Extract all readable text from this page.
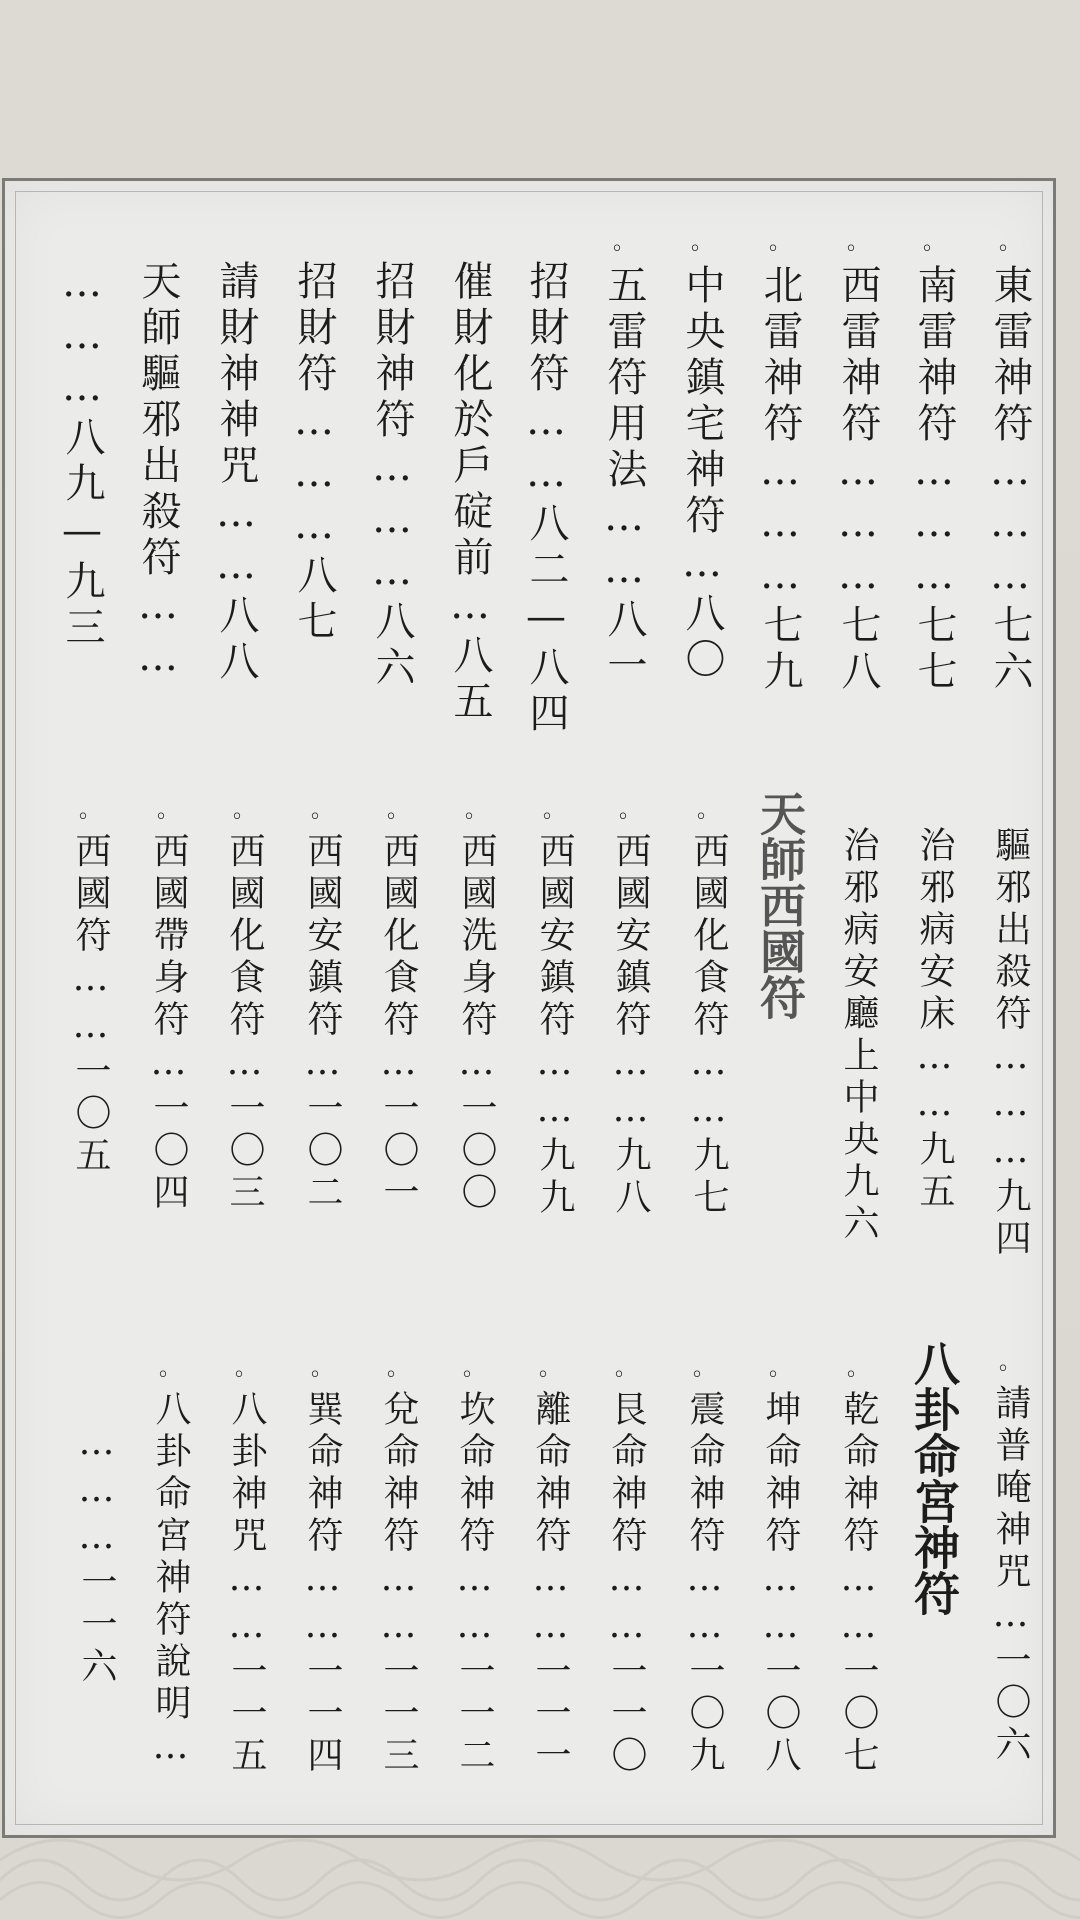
。
東雷神符………七六
。
南雷神符………七七
。
西雷神符………七八
。
北雷神符………七九
。
中央鎮宅神符…八〇
。
五雷符用法……八一
招財符……八二—八四
催財化於戶碇前…八五
招財神符………八六
招財符………八七
請財神神咒……八八
天師驅邪出殺符……
………八九—九三
驅邪出殺符………九四
治邪病安床……九五
治邪病安廳上中央九六
天師西國符
。
西國化食符……九七
。
西國安鎮符……九八
。
西國安鎮符……九九
。
西國洗身符…一〇〇
。
西國化食符…一〇一
。
西國安鎮符…一〇二
。
西國化食符…一〇三
。
西國帶身符…一〇四
。
西國符……一〇五
。
請普唵神咒…一〇六
八卦命宮神符
。
乾命神符……一〇七
。
坤命神符……一〇八
。
震命神符……一〇九
。
艮命神符……一一〇
。
離命神符……一一一
。
坎命神符……一一二
。
兌命神符……一一三
。
巽命神符……一一四
。
八卦神咒……一一五
。
八卦命宮神符說明…
………一一六
